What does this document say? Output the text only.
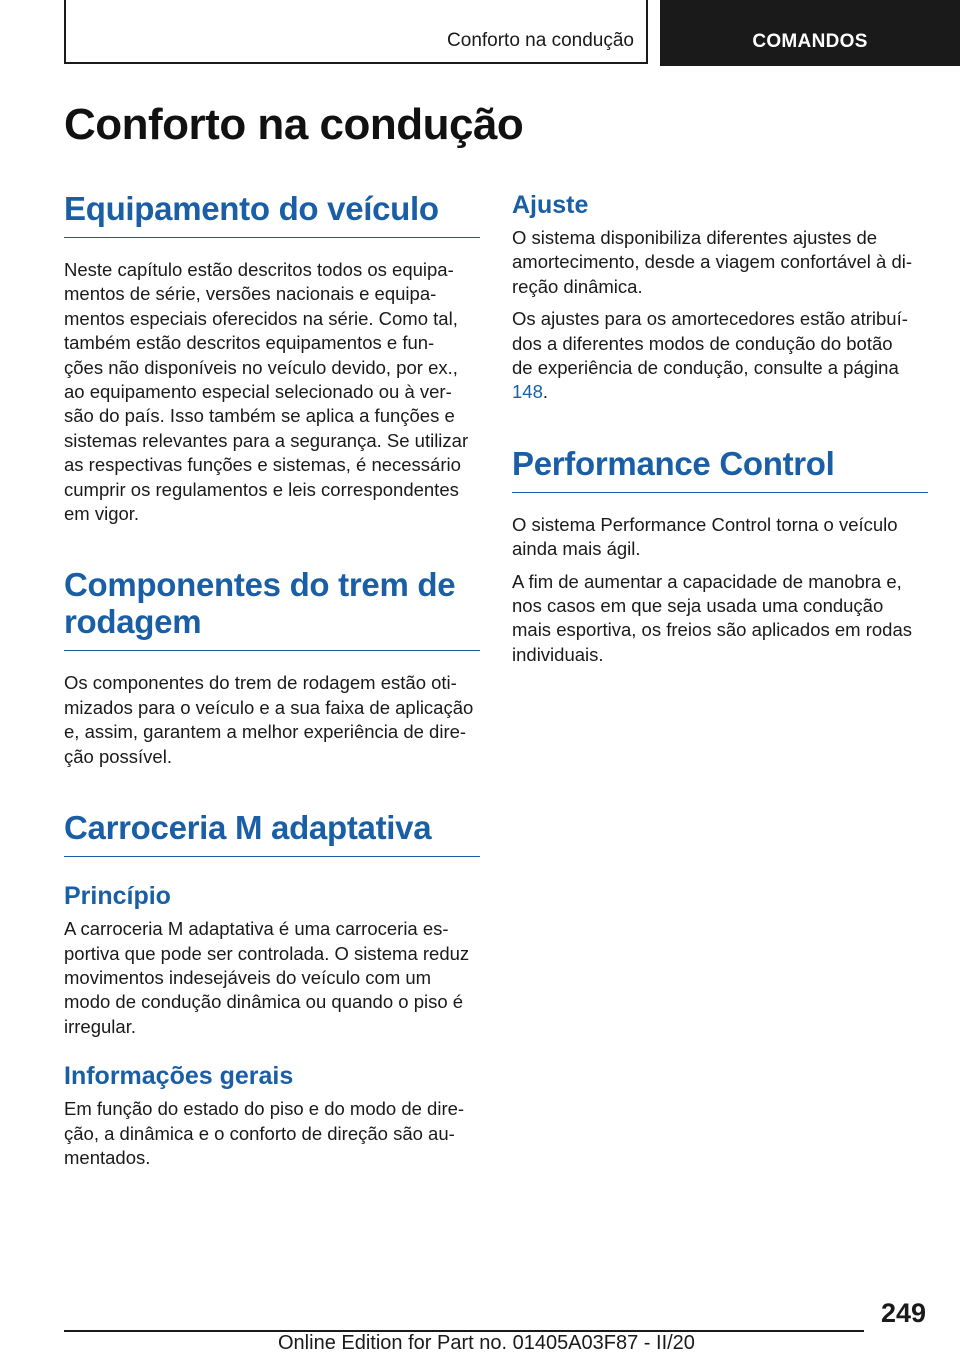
Conforto na condução	COMANDOS
Conforto na condução
Equipamento do veículo

Neste capítulo estão descritos todos os equipa‐
mentos de série, versões nacionais e equipa‐
mentos especiais oferecidos na série. Como tal,
também estão descritos equipamentos e fun‐
ções não disponíveis no veículo devido, por ex.,
ao equipamento especial selecionado ou à ver‐
são do país. Isso também se aplica a funções e
sistemas relevantes para a segurança. Se utilizar
as respectivas funções e sistemas, é necessário
cumprir os regulamentos e leis correspondentes
em vigor.

Componentes do trem de
rodagem

Os componentes do trem de rodagem estão oti‐
mizados para o veículo e a sua faixa de aplicação
e, assim, garantem a melhor experiência de dire‐
ção possível.

Carroceria M adaptativa
Princípio

A carroceria M adaptativa é uma carroceria es‐
portiva que pode ser controlada. O sistema reduz
movimentos indesejáveis do veículo com um
modo de condução dinâmica ou quando o piso é
irregular.

Informações gerais

Em função do estado do piso e do modo de dire‐
ção, a dinâmica e o conforto de direção são au‐
mentados.

Ajuste

O sistema disponibiliza diferentes ajustes de
amortecimento, desde a viagem confortável à di‐
reção dinâmica.

Os ajustes para os amortecedores estão atribuí‐
dos a diferentes modos de condução do botão
de experiência de condução, consulte a página
148.

Performance Control

O sistema Performance Control torna o veículo
ainda mais ágil.

A fim de aumentar a capacidade de manobra e,
nos casos em que seja usada uma condução
mais esportiva, os freios são aplicados em rodas
individuais.

249
Online Edition for Part no. 01405A03F87 - II/20
